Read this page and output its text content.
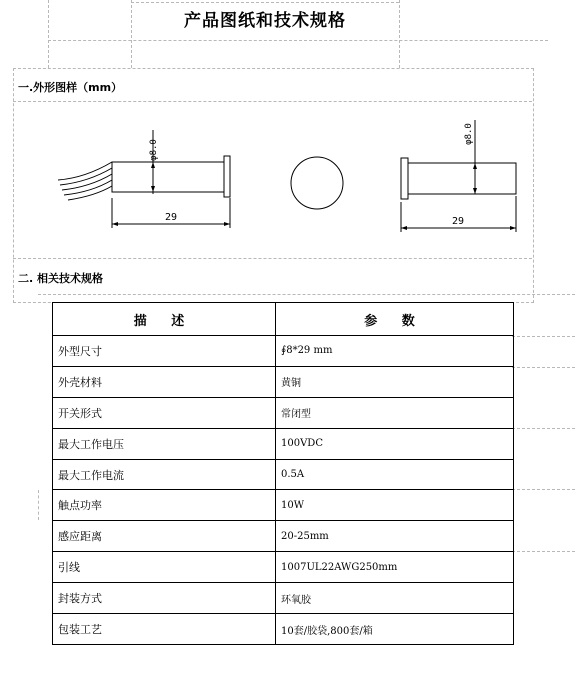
产品图纸和技术规格
一.外形图样（mm）
φ8.0
29
φ8.0
29
二. 相关技术规格
描 述	参 数
外型尺寸	∮8*29 mm
外壳材料	黄铜
开关形式	常闭型
最大工作电压	100VDC
最大工作电流	0.5A
触点功率	10W
感应距离	20-25mm
引线	1007UL22AWG250mm
封装方式	环氧胶
包装工艺	10套/胶袋,800套/箱
